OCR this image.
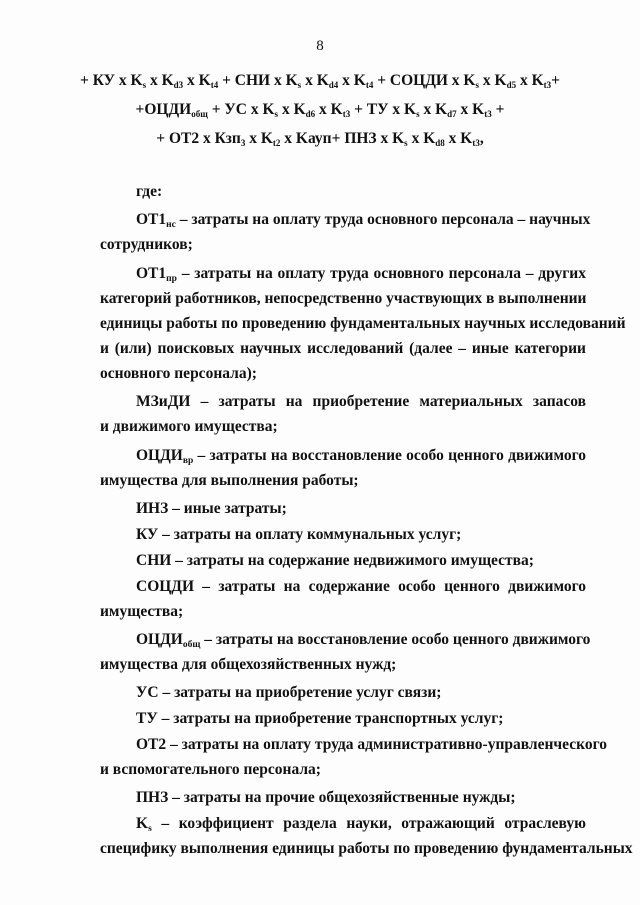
8
+ КУ x $K_s$ x $K_{d3}$ x $K_{t4}$ + СНИ x $K_s$ x $K_{d4}$ x $K_{t4}$ + СОЦДИ x $K_s$ x $K_{d5}$ x $K_{t3}+$
$+ОЦДИ_{общ}$ + УС x $K_s$ x $K_{d6}$ x $K_{t3}$ + ТУ x $K_s$ x $K_{d7}$ x $K_{t3}$ +
+ ОТ2 x Кзп$_3$ x $K_{t2}$ x Kауп+ ПНЗ x $K_s$ x $K_{d8}$ x $K_{t3}$,
где:
$ОТ1_{нс}$ – затраты на оплату труда основного персонала – научных
сотрудников;
$ОТ1_{пр}$ – затраты на оплату труда основного персонала – других
категорий работников, непосредственно участвующих в выполнении
единицы работы по проведению фундаментальных научных исследований
и (или) поисковых научных исследований (далее – иные категории
основного персонала);
МЗиДИ – затраты на приобретение материальных запасов
и движимого имущества;
$ОЦДИ_{вр}$ – затраты на восстановление особо ценного движимого
имущества для выполнения работы;
ИНЗ – иные затраты;
КУ – затраты на оплату коммунальных услуг;
СНИ – затраты на содержание недвижимого имущества;
СОЦДИ – затраты на содержание особо ценного движимого
имущества;
$ОЦДИ_{общ}$ – затраты на восстановление особо ценного движимого
имущества для общехозяйственных нужд;
УС – затраты на приобретение услуг связи;
ТУ – затраты на приобретение транспортных услуг;
ОТ2 – затраты на оплату труда административно-управленческого
и вспомогательного персонала;
ПНЗ – затраты на прочие общехозяйственные нужды;
$K_s$ – коэффициент раздела науки, отражающий отраслевую
специфику выполнения единицы работы по проведению фундаментальных
